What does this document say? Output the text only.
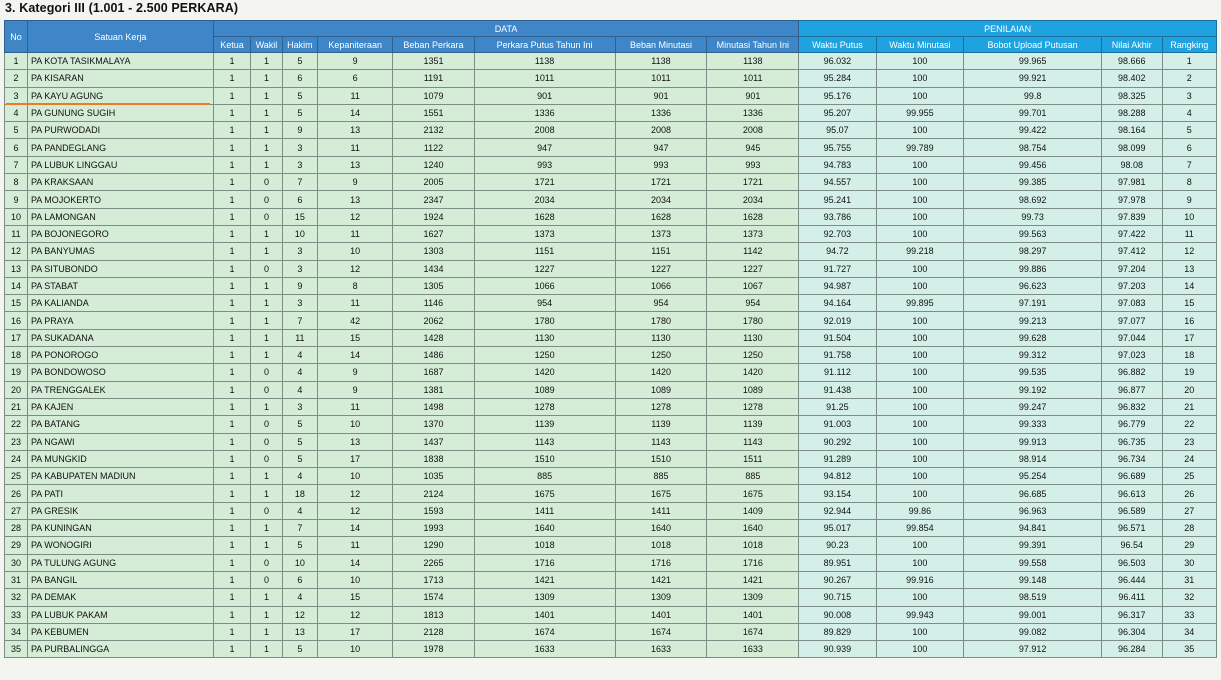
3. Kategori III (1.001 - 2.500 PERKARA)
No	Satuan Kerja	DATA								PENILAIAN				
		Ketua	Wakil	Hakim	Kepaniteraan	Beban Perkara	Perkara Putus Tahun Ini	Beban Minutasi	Minutasi Tahun Ini	Waktu Putus	Waktu Minutasi	Bobot Upload Putusan	Nilai Akhir	Rangking
1	PA KOTA TASIKMALAYA	1	1	5	9	1351	1138	1138	1138	96.032	100	99.965	98.666	1
2	PA KISARAN	1	1	6	6	1191	1011	1011	1011	95.284	100	99.921	98.402	2
3	PA KAYU AGUNG	1	1	5	11	1079	901	901	901	95.176	100	99.8	98.325	3
4	PA GUNUNG SUGIH	1	1	5	14	1551	1336	1336	1336	95.207	99.955	99.701	98.288	4
5	PA PURWODADI	1	1	9	13	2132	2008	2008	2008	95.07	100	99.422	98.164	5
6	PA PANDEGLANG	1	1	3	11	1122	947	947	945	95.755	99.789	98.754	98.099	6
7	PA LUBUK LINGGAU	1	1	3	13	1240	993	993	993	94.783	100	99.456	98.08	7
8	PA KRAKSAAN	1	0	7	9	2005	1721	1721	1721	94.557	100	99.385	97.981	8
9	PA MOJOKERTO	1	0	6	13	2347	2034	2034	2034	95.241	100	98.692	97.978	9
10	PA LAMONGAN	1	0	15	12	1924	1628	1628	1628	93.786	100	99.73	97.839	10
11	PA BOJONEGORO	1	1	10	11	1627	1373	1373	1373	92.703	100	99.563	97.422	11
12	PA BANYUMAS	1	1	3	10	1303	1151	1151	1142	94.72	99.218	98.297	97.412	12
13	PA SITUBONDO	1	0	3	12	1434	1227	1227	1227	91.727	100	99.886	97.204	13
14	PA STABAT	1	1	9	8	1305	1066	1066	1067	94.987	100	96.623	97.203	14
15	PA KALIANDA	1	1	3	11	1146	954	954	954	94.164	99.895	97.191	97.083	15
16	PA PRAYA	1	1	7	42	2062	1780	1780	1780	92.019	100	99.213	97.077	16
17	PA SUKADANA	1	1	11	15	1428	1130	1130	1130	91.504	100	99.628	97.044	17
18	PA PONOROGO	1	1	4	14	1486	1250	1250	1250	91.758	100	99.312	97.023	18
19	PA BONDOWOSO	1	0	4	9	1687	1420	1420	1420	91.112	100	99.535	96.882	19
20	PA TRENGGALEK	1	0	4	9	1381	1089	1089	1089	91.438	100	99.192	96.877	20
21	PA KAJEN	1	1	3	11	1498	1278	1278	1278	91.25	100	99.247	96.832	21
22	PA BATANG	1	0	5	10	1370	1139	1139	1139	91.003	100	99.333	96.779	22
23	PA NGAWI	1	0	5	13	1437	1143	1143	1143	90.292	100	99.913	96.735	23
24	PA MUNGKID	1	0	5	17	1838	1510	1510	1511	91.289	100	98.914	96.734	24
25	PA KABUPATEN MADIUN	1	1	4	10	1035	885	885	885	94.812	100	95.254	96.689	25
26	PA PATI	1	1	18	12	2124	1675	1675	1675	93.154	100	96.685	96.613	26
27	PA GRESIK	1	0	4	12	1593	1411	1411	1409	92.944	99.86	96.963	96.589	27
28	PA KUNINGAN	1	1	7	14	1993	1640	1640	1640	95.017	99.854	94.841	96.571	28
29	PA WONOGIRI	1	1	5	11	1290	1018	1018	1018	90.23	100	99.391	96.54	29
30	PA TULUNG AGUNG	1	0	10	14	2265	1716	1716	1716	89.951	100	99.558	96.503	30
31	PA BANGIL	1	0	6	10	1713	1421	1421	1421	90.267	99.916	99.148	96.444	31
32	PA DEMAK	1	1	4	15	1574	1309	1309	1309	90.715	100	98.519	96.411	32
33	PA LUBUK PAKAM	1	1	12	12	1813	1401	1401	1401	90.008	99.943	99.001	96.317	33
34	PA KEBUMEN	1	1	13	17	2128	1674	1674	1674	89.829	100	99.082	96.304	34
35	PA PURBALINGGA	1	1	5	10	1978	1633	1633	1633	90.939	100	97.912	96.284	35
